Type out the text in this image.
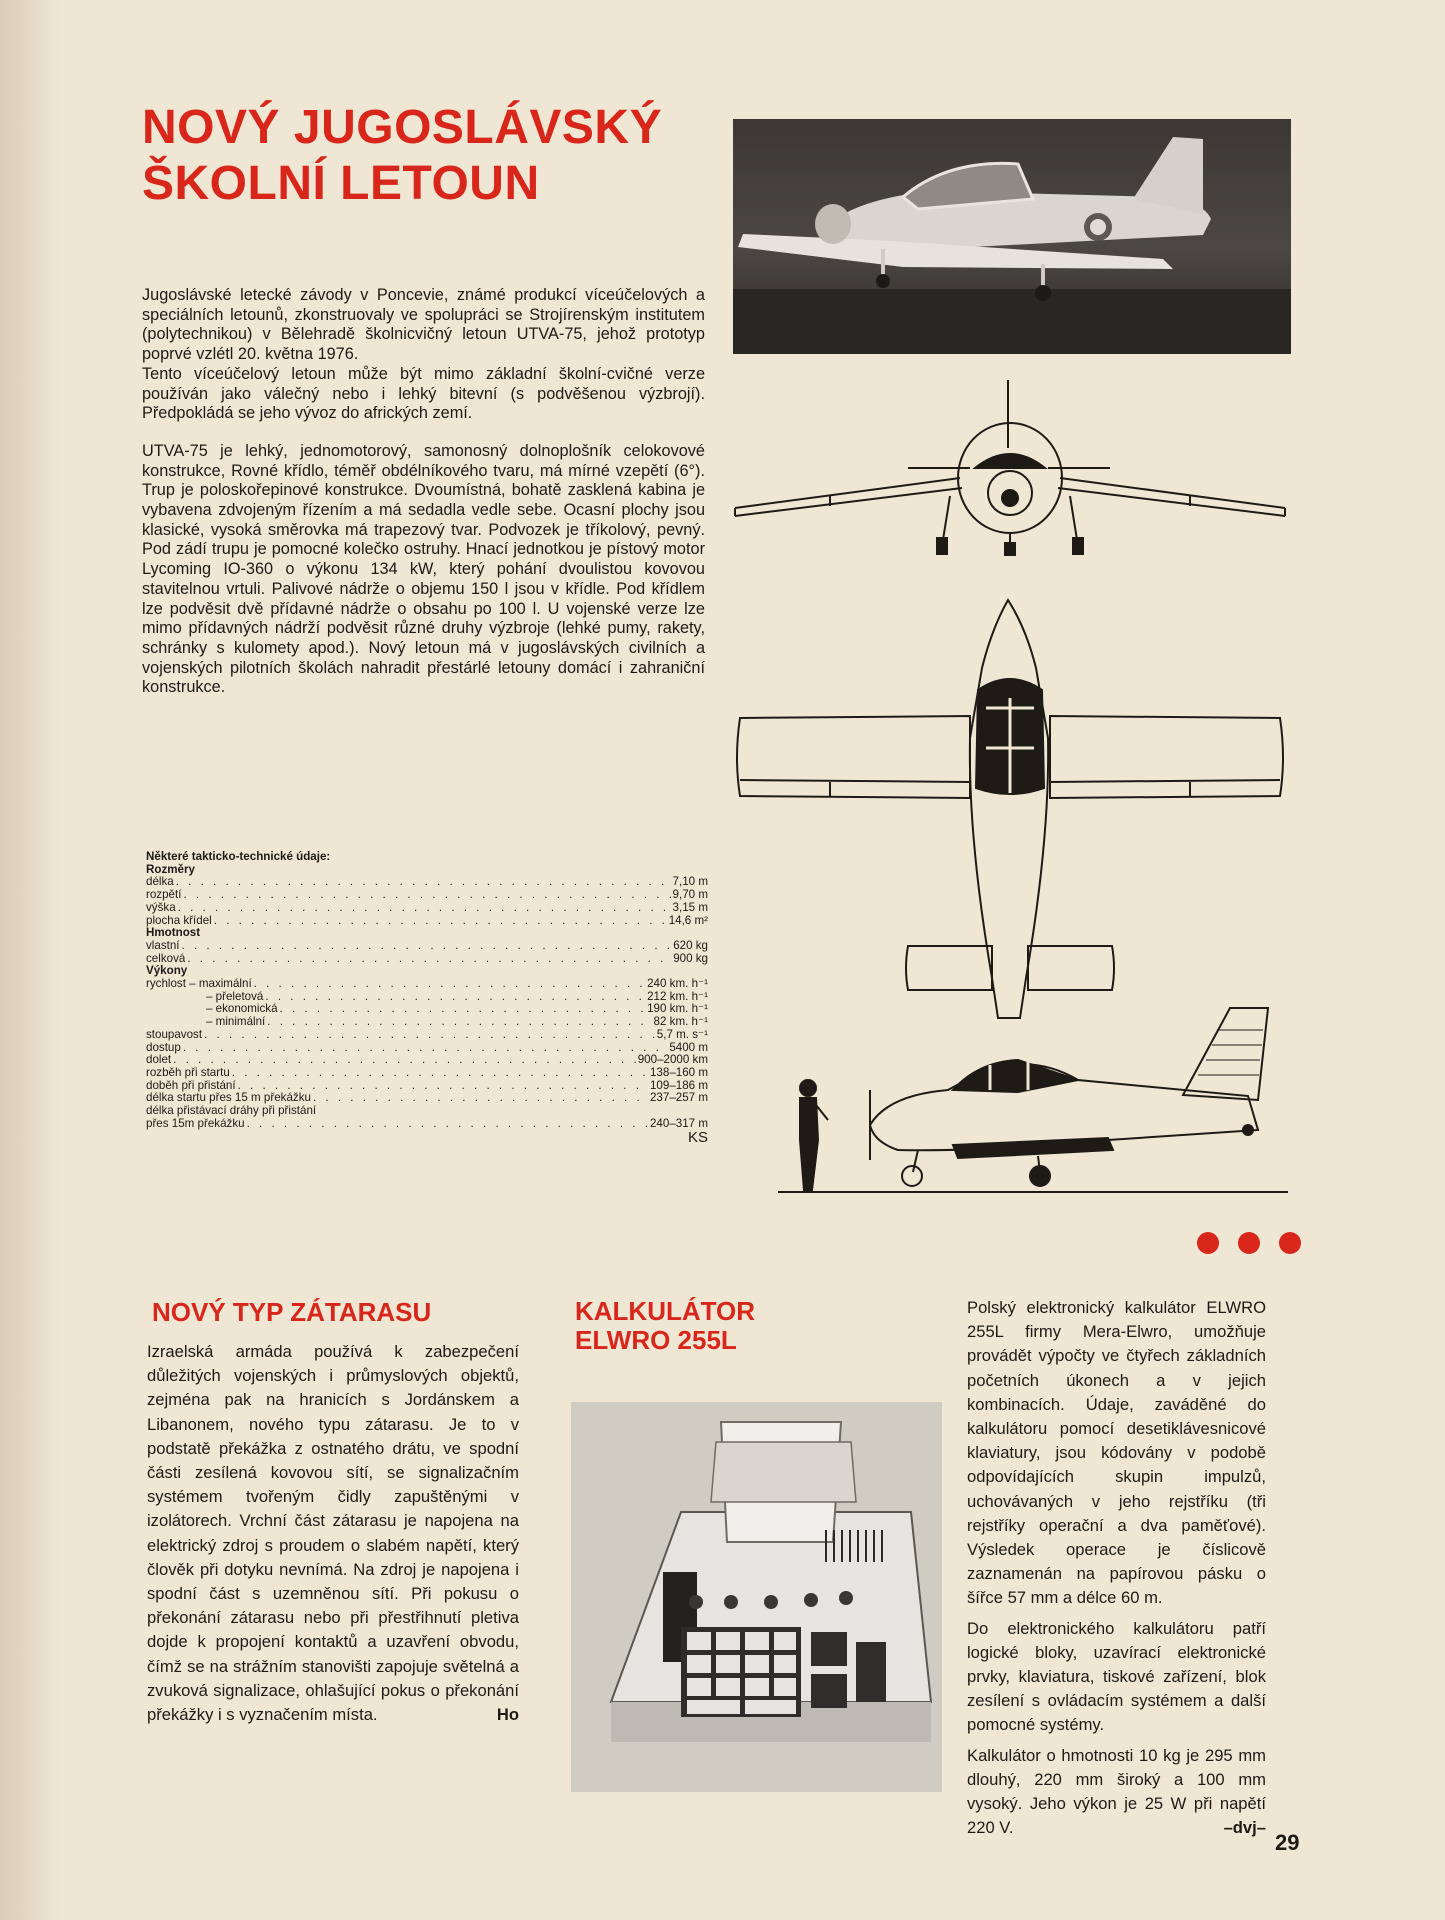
NOVÝ JUGOSLÁVSKÝ
ŠKOLNÍ LETOUN

Jugoslávské letecké závody v Poncevie, známé produkcí víceúčelových a speciálních letounů, zkonstruovaly ve spolupráci se Strojírenským institutem (polytechnikou) v Bělehradě školnicvičný letoun UTVA-75, jehož prototyp poprvé vzlétl 20. května 1976.

Tento víceúčelový letoun může být mimo základní školní-cvičné verze používán jako válečný nebo i lehký bitevní (s podvěšenou výzbrojí). Předpokládá se jeho vývoz do afrických zemí.

UTVA-75 je lehký, jednomotorový, samonosný dolnoplošník celokovové konstrukce, Rovné křídlo, téměř obdélníkového tvaru, má mírné vzepětí (6°). Trup je poloskořepinové konstrukce. Dvoumístná, bohatě zasklená kabina je vybavena zdvojeným řízením a má sedadla vedle sebe. Ocasní plochy jsou klasické, vysoká směrovka má trapezový tvar. Podvozek je tříkolový, pevný. Pod zádí trupu je pomocné kolečko ostruhy. Hnací jednotkou je pístový motor Lycoming IO-360 o výkonu 134 kW, který pohání dvoulistou kovovou stavitelnou vrtuli. Palivové nádrže o objemu 150 l jsou v křídle. Pod křídlem lze podvěsit dvě přídavné nádrže o obsahu po 100 l. U vojenské verze lze mimo přídavných nádrží podvěsit různé druhy výzbroje (lehké pumy, rakety, schránky s kulomety apod.). Nový letoun má v jugoslávských civilních a vojenských pilotních školách nahradit přestárlé letouny domácí i zahraniční konstrukce.

Některé takticko-technické údaje:
Rozměry
délka . . .	7,10 m
rozpětí . . .	9,70 m
výška . . .	3,15 m
plocha křídel . . .	14,6 m²
Hmotnost
vlastní . . .	620 kg
celková . . .	900 kg
Výkony
rychlost – maximální . . .	240 km. h⁻¹
– přeletová . . .	212 km. h⁻¹
– ekonomická . . .	190 km. h⁻¹
– minimální . . .	82 km. h⁻¹
stoupavost . . .	5,7 m. s⁻¹
dostup . . .	5400 m
dolet . . .	900–2000 km
rozběh při startu . . .	138–160 m
doběh při přistání . . .	109–186 m
délka startu přes 15 m překážku . . .	237–257 m
délka přistávací dráhy při přistání
přes 15m překážku . . .	240–317 m
KS
NOVÝ TYP ZÁTARASU
Izraelská armáda používá k zabezpečení důležitých vojenských i průmyslových objektů, zejména pak na hranicích s Jordánskem a Libanonem, nového typu zátarasu. Je to v podstatě překážka z ostnatého drátu, ve spodní části zesílená kovovou sítí, se signalizačním systémem tvořeným čidly zapuštěnými v izolátorech. Vrchní část zátarasu je napojena na elektrický zdroj s proudem o slabém napětí, který člověk při dotyku nevnímá. Na zdroj je napojena i spodní část s uzemněnou sítí. Při pokusu o překonání zátarasu nebo při přestřihnutí pletiva dojde k propojení kontaktů a uzavření obvodu, čímž se na strážním stanovišti zapojuje světelná a zvuková signalizace, ohlašující pokus o překonání překážky i s vyznačením místa.	Ho
KALKULÁTOR
ELWRO 255L

Polský elektronický kalkulátor ELWRO 255L firmy Mera-Elwro, umožňuje provádět výpočty ve čtyřech základních početních úkonech a v jejich kombinacích. Údaje, zaváděné do kalkulátoru pomocí desetiklávesnicové klaviatury, jsou kódovány v podobě odpovídajících skupin impulzů, uchovávaných v jeho rejstříku (tři rejstříky operační a dva paměťové). Výsledek operace je číslicově zaznamenán na papírovou pásku o šířce 57 mm a délce 60 m.

Do elektronického kalkulátoru patří logické bloky, uzavírací elektronické prvky, klaviatura, tiskové zařízení, blok zesílení s ovládacím systémem a další pomocné systémy.

Kalkulátor o hmotnosti 10 kg je 295 mm dlouhý, 220 mm široký a 100 mm vysoký. Jeho výkon je 25 W při napětí 220 V.	–dvj–

29
